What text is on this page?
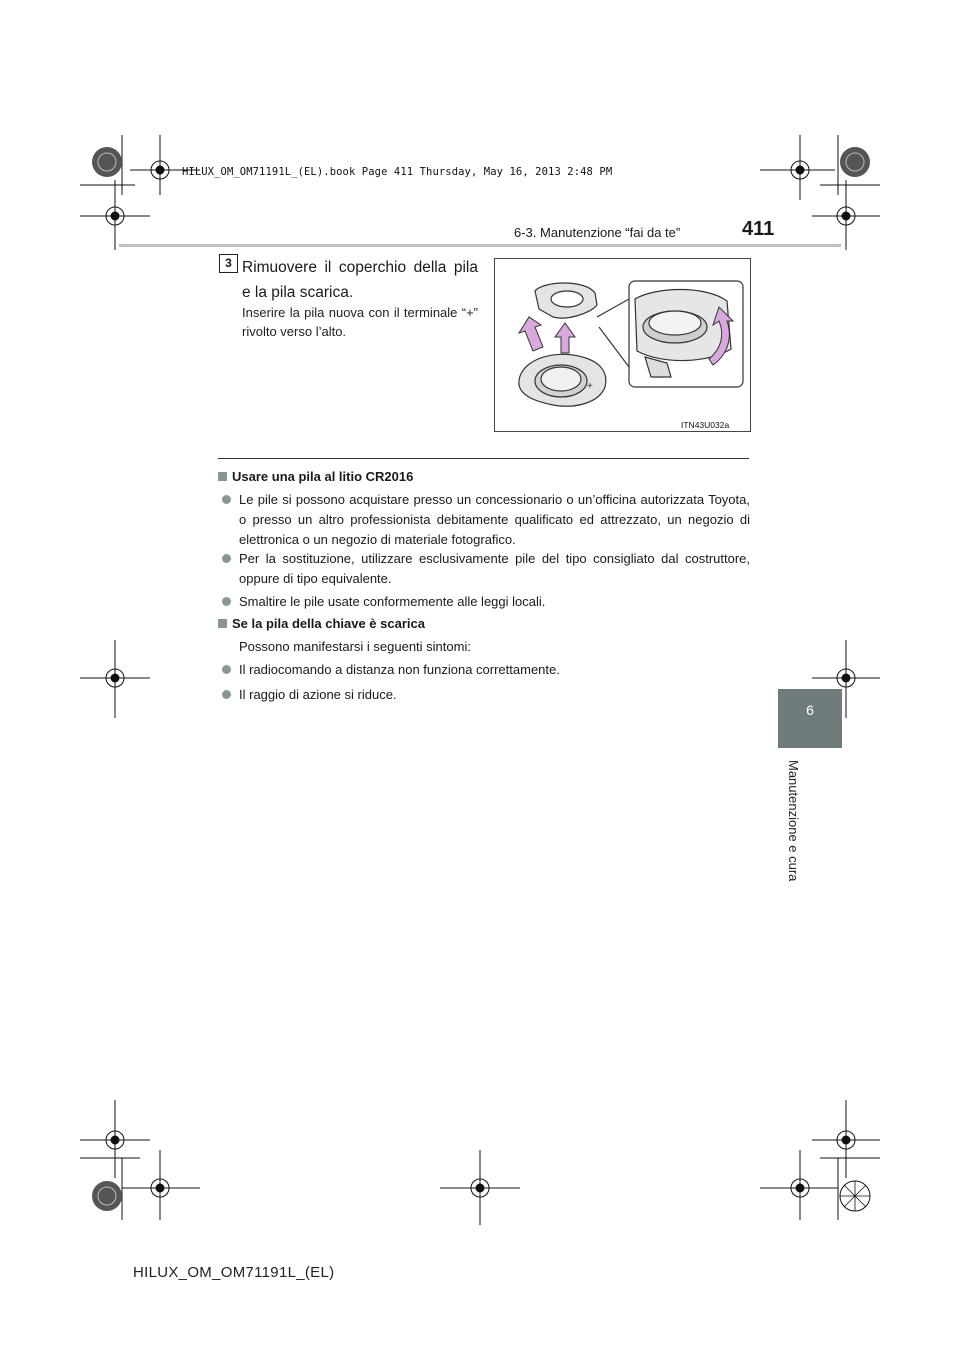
HILUX_OM_OM71191L_(EL).book Page 411 Thursday, May 16, 2013 2:48 PM
6-3. Manutenzione “fai da te”	411
6
Manutenzione e cura
3 Rimuovere il coperchio della pila e la pila scarica.
Inserire la pila nuova con il terminale “+” rivolto verso l’alto.
+
ITN43U032a
Usare una pila al litio CR2016
Le pile si possono acquistare presso un concessionario o un’officina autorizzata Toyota, o presso un altro professionista debitamente qualificato ed attrezzato, un negozio di elettronica o un negozio di materiale fotografico.
Per la sostituzione, utilizzare esclusivamente pile del tipo consigliato dal costruttore, oppure di tipo equivalente.
Smaltire le pile usate conformemente alle leggi locali.
Se la pila della chiave è scarica
Possono manifestarsi i seguenti sintomi:
Il radiocomando a distanza non funziona correttamente.
Il raggio di azione si riduce.
HILUX_OM_OM71191L_(EL)
